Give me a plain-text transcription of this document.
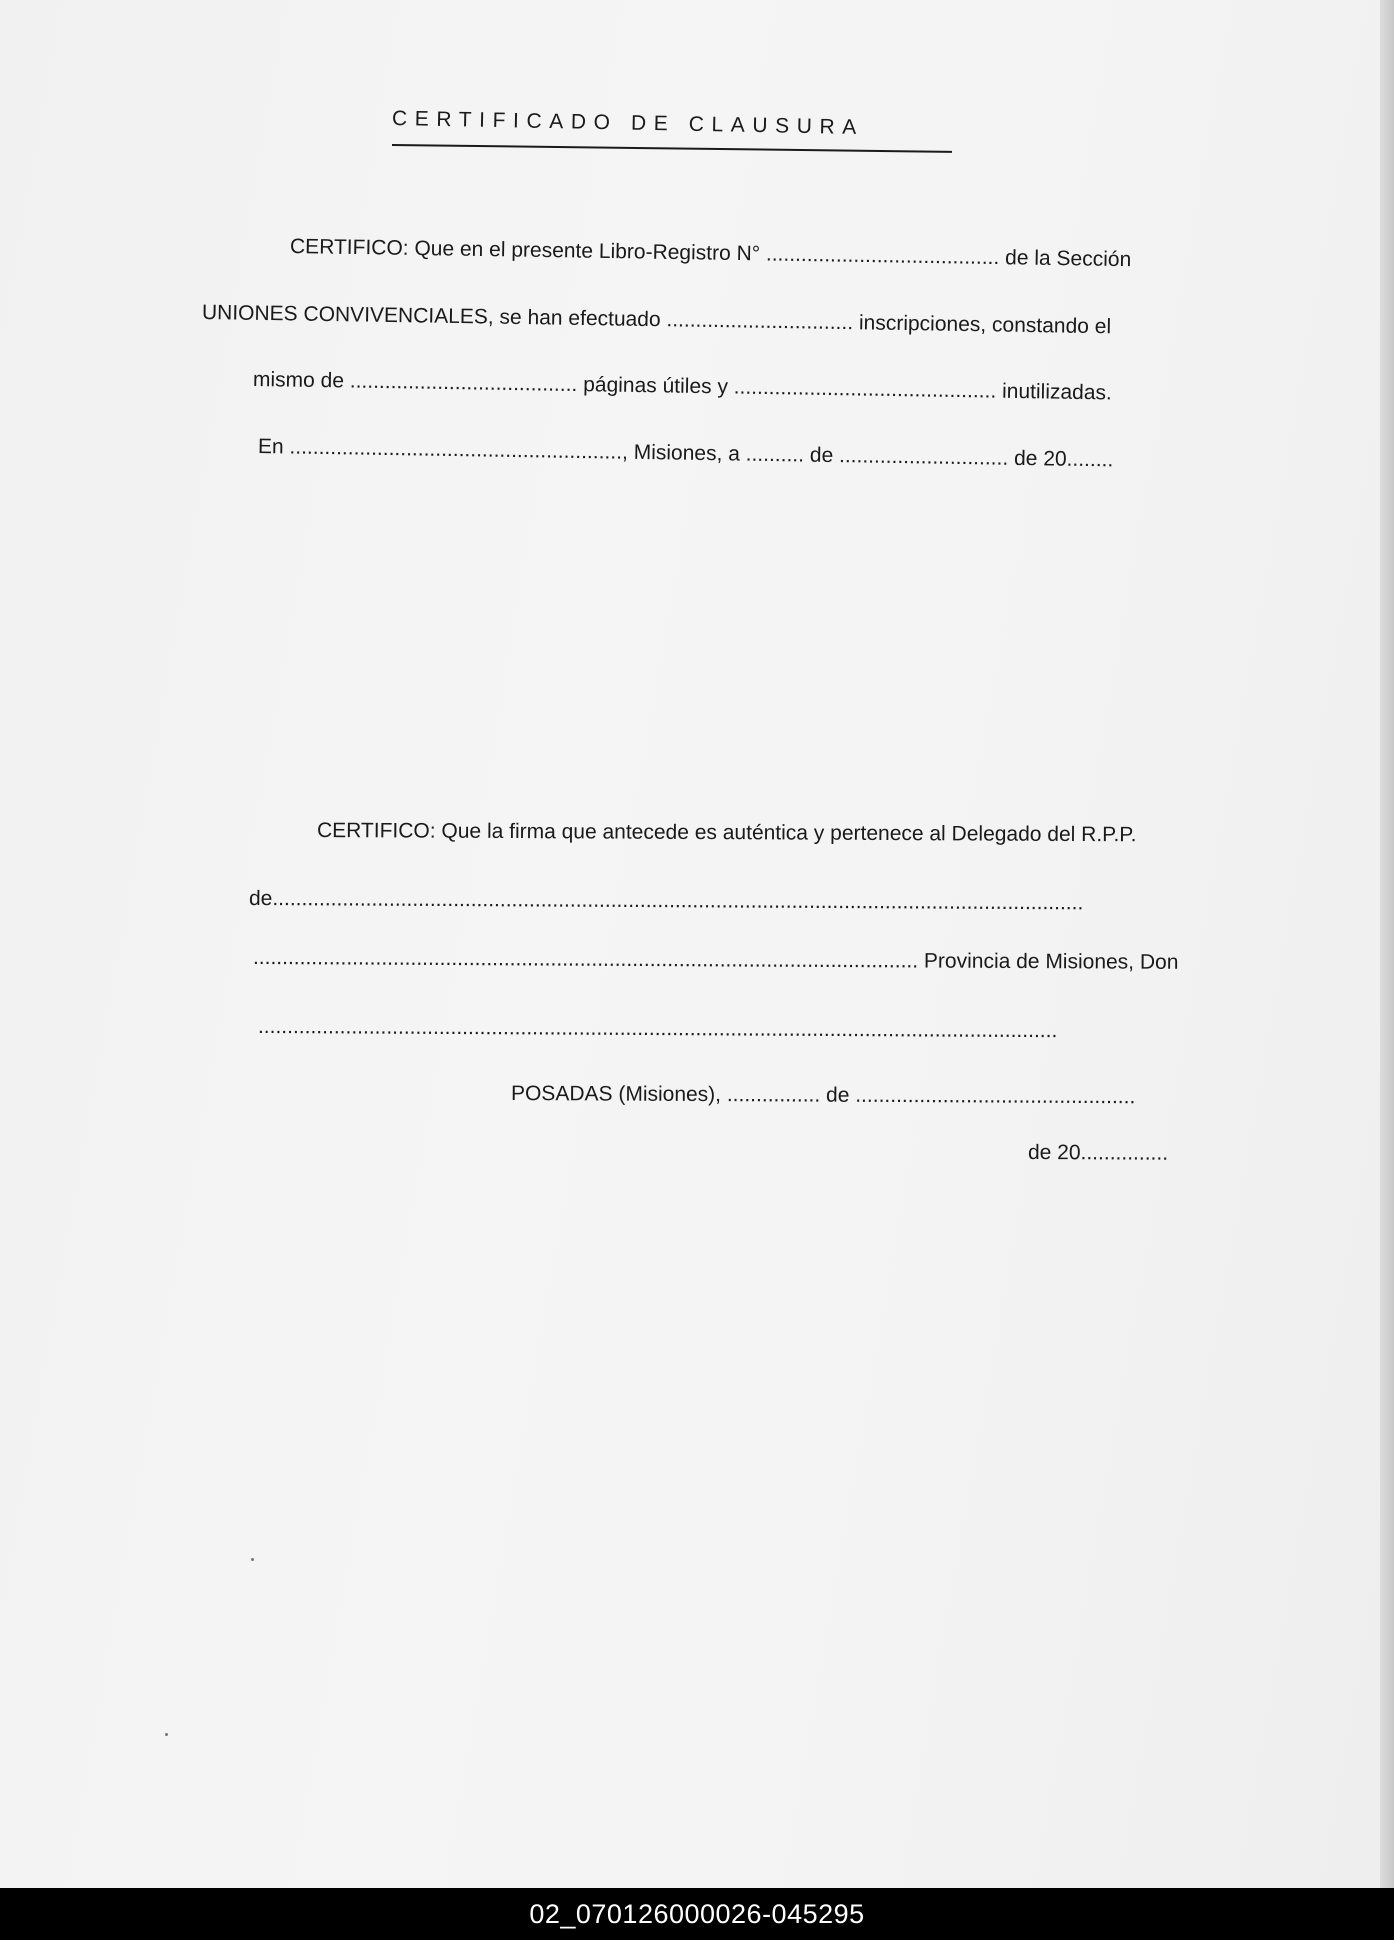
CERTIFICADO DE CLAUSURA
CERTIFICO: Que en el presente Libro-Registro N° ........................................ de la Sección
UNIONES CONVIVENCIALES, se han efectuado ................................ inscripciones, constando el
mismo de ....................................... páginas útiles y ............................................. inutilizadas.
En ........................................................., Misiones, a .......... de ............................. de 20........
CERTIFICO: Que la firma que antecede es auténtica y pertenece al Delegado del R.P.P.
de...........................................................................................................................................
.................................................................................................................. Provincia de Misiones, Don
.........................................................................................................................................
POSADAS (Misiones), ................ de ................................................
de 20...............
02_070126000026-045295
